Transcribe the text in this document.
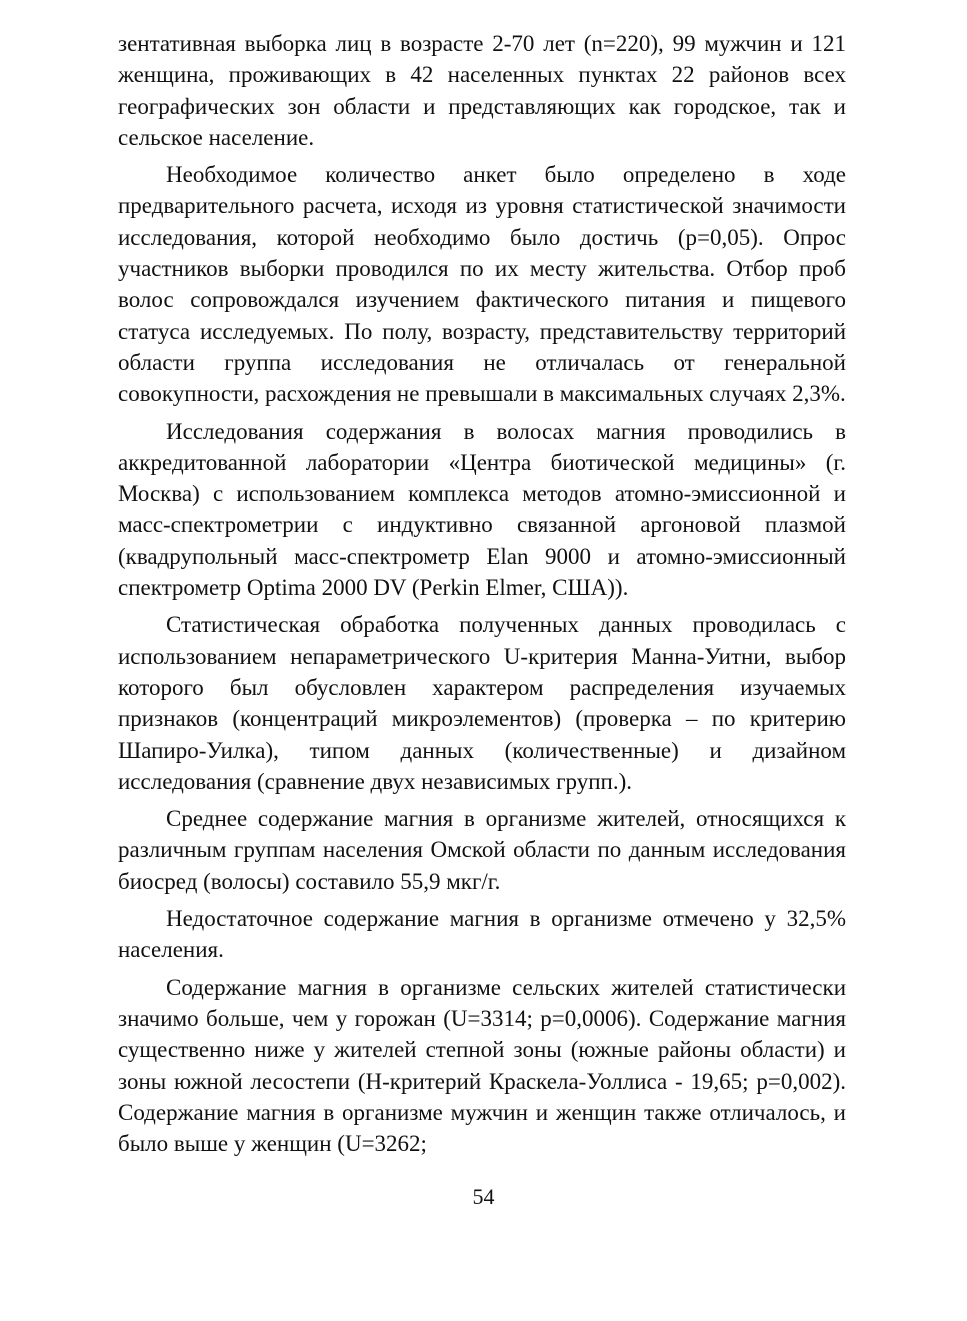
зентативная выборка лиц в возрасте 2-70 лет (n=220), 99 мужчин и 121 женщина, проживающих в 42 населенных пунктах 22 районов всех географических зон области и представляющих как городское, так и сельское население.

Необходимое количество анкет было определено в ходе предварительного расчета, исходя из уровня статистической значимости исследования, которой необходимо было достичь (p=0,05). Опрос участников выборки проводился по их месту жительства. Отбор проб волос сопровождался изучением фактического питания и пищевого статуса исследуемых. По полу, возрасту, представительству территорий области группа исследования не отличалась от генеральной совокупности, расхождения не превышали в максимальных случаях 2,3%.

Исследования содержания в волосах магния проводились в аккредитованной лаборатории «Центра биотической медицины» (г. Москва) с использованием комплекса методов атомно-эмиссионной и масс-спектрометрии с индуктивно связанной аргоновой плазмой (квадрупольный масс-спектрометр Elan 9000 и атомно-эмиссионный спектрометр Optima 2000 DV (Perkin Elmer, США)).

Статистическая обработка полученных данных проводилась с использованием непараметрического U-критерия Манна-Уитни, выбор которого был обусловлен характером распределения изучаемых признаков (концентраций микроэлементов) (проверка – по критерию Шапиро-Уилка), типом данных (количественные) и дизайном исследования (сравнение двух независимых групп.).

Среднее содержание магния в организме жителей, относящихся к различным группам населения Омской области по данным исследования биосред (волосы) составило 55,9 мкг/г.

Недостаточное содержание магния в организме отмечено у 32,5% населения.

Содержание магния в организме сельских жителей статистически значимо больше, чем у горожан (U=3314; p=0,0006). Содержание магния существенно ниже у жителей степной зоны (южные районы области) и зоны южной лесостепи (Н-критерий Краскела-Уоллиса - 19,65; p=0,002). Содержание магния в организме мужчин и женщин также отличалось, и было выше у женщин (U=3262;

54
